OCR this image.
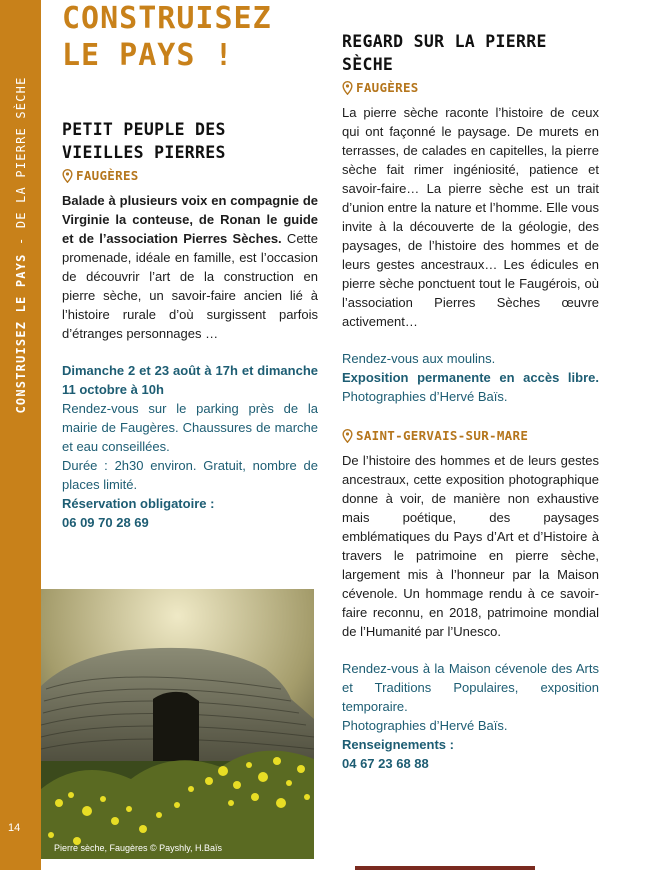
CONSTRUISEZ LE PAYS - DE LA PIERRE SÈCHE
14
CONSTRUISEZ
LE PAYS !
PETIT PEUPLE DES
VIEILLES PIERRES
FAUGÈRES

Balade à plusieurs voix en compagnie de Virginie la conteuse, de Ronan le guide et de l’association Pierres Sèches. Cette promenade, idéale en famille, est l’occasion de découvrir l’art de la construction en pierre sèche, un savoir-faire ancien lié à l’histoire rurale d’où surgissent parfois d’étranges personnages …

Dimanche 2 et 23 août à 17h et dimanche 11 octobre à 10h

Rendez-vous sur le parking près de la mairie de Faugères. Chaussures de marche et eau conseillées.

Durée : 2h30 environ. Gratuit, nombre de places limité.

Réservation obligatoire :

06 09 70 28 69

Pierre sèche, Faugères © Payshly, H.Baïs
REGARD SUR LA PIERRE
SÈCHE
FAUGÈRES

La pierre sèche raconte l’histoire de ceux qui ont façonné le paysage. De murets en terrasses, de calades en capitelles, la pierre sèche fait rimer ingéniosité, patience et savoir-faire… La pierre sèche est un trait d’union entre la nature et l’homme. Elle vous invite à la découverte de la géologie, des paysages, de l’histoire des hommes et de leurs gestes ancestraux… Les édicules en pierre sèche ponctuent tout le Faugérois, où l’association Pierres Sèches œuvre activement…

Rendez-vous aux moulins.

Exposition permanente en accès libre. Photographies d’Hervé Baïs.

SAINT-GERVAIS-SUR-MARE

De l’histoire des hommes et de leurs gestes ancestraux, cette exposition photographique donne à voir, de manière non exhaustive mais poétique, des paysages emblématiques du Pays d’Art et d’Histoire à travers le patrimoine en pierre sèche, largement mis à l’honneur par la Maison cévenole. Un hommage rendu à ce savoir-faire reconnu, en 2018, patrimoine mondial de l’Humanité par l’Unesco.

Rendez-vous à la Maison cévenole des Arts et Traditions Populaires, exposition temporaire.

Photographies d’Hervé Baïs.

Renseignements :

04 67 23 68 88
